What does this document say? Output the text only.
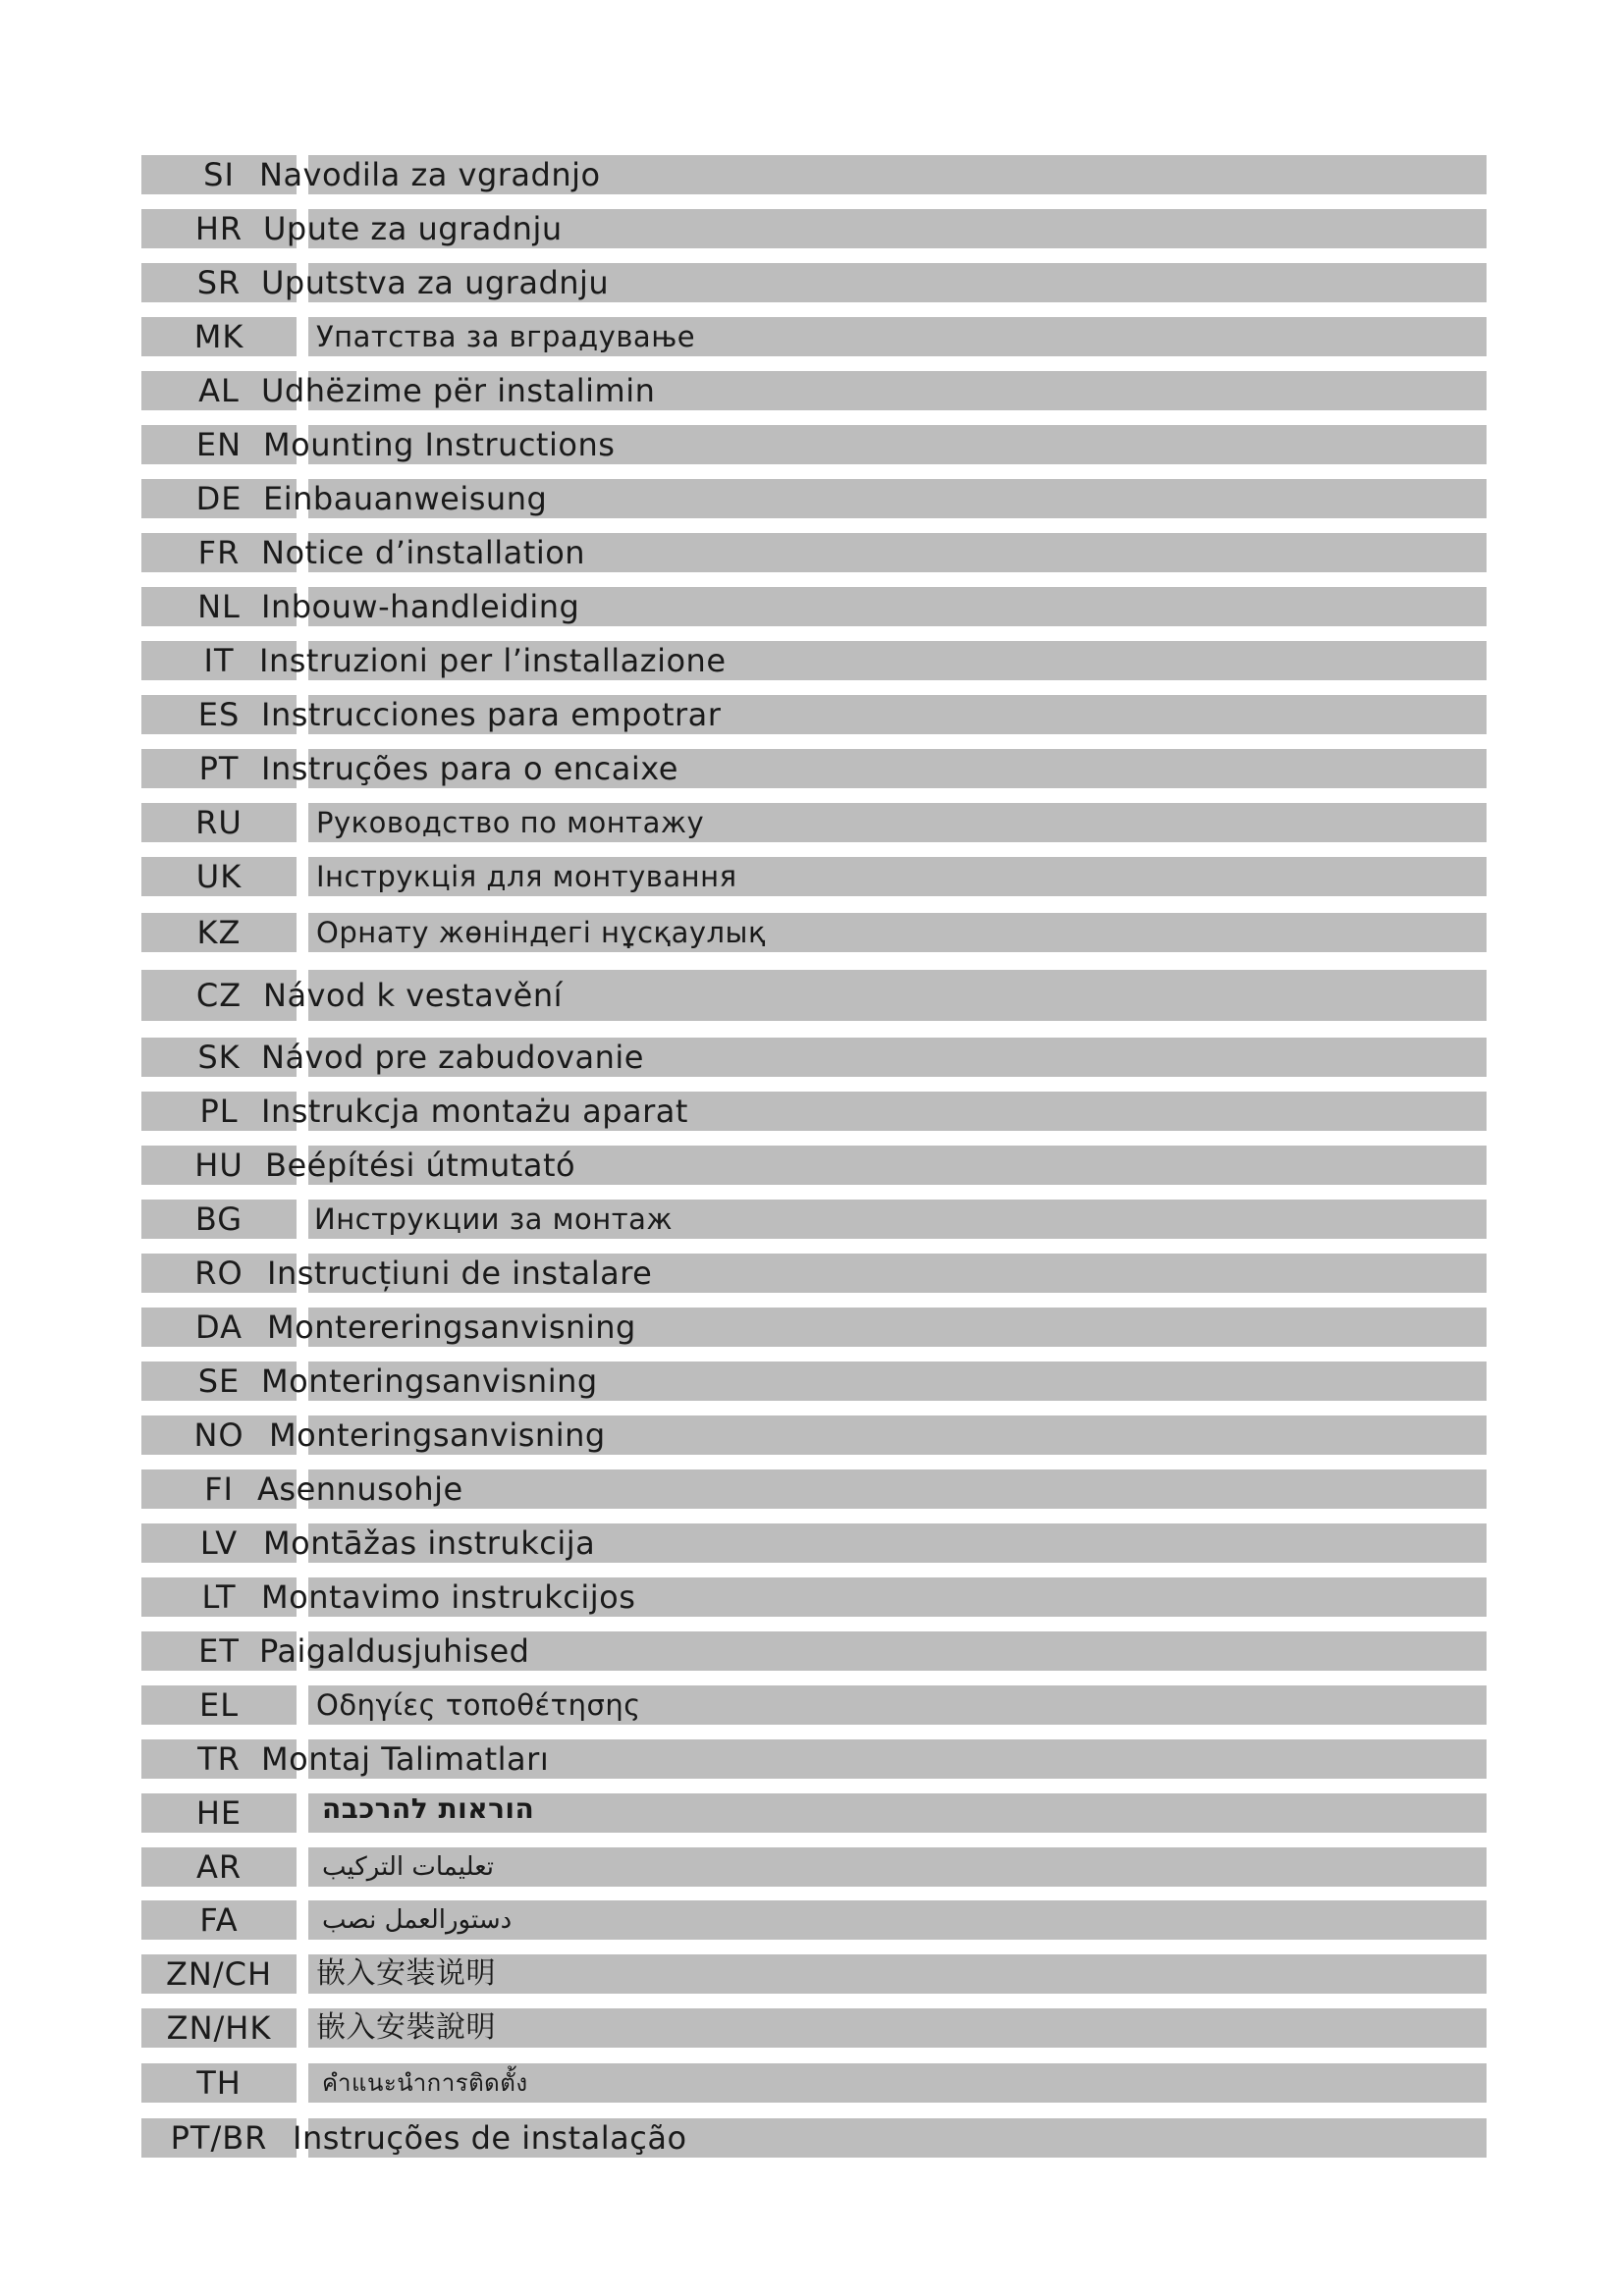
SI Navodila za vgradnjo
HR Upute za ugradnju
SR Uputstva za ugradnju
MK	Упатства за вградување
AL Udhëzime për instalimin
EN Mounting Instructions
DE Einbauanweisung
FR Notice d’installation
NL Inbouw-handleiding
IT Instruzioni per l’installazione
ES Instrucciones para empotrar
PT Instruções para o encaixe
RU	Руководство по монтажу
UK	Інструкція для монтування
KZ	Орнату жөніндегі нұсқаулық
CZ Návod k vestavění
SK Návod pre zabudovanie
PL Instrukcja montażu aparat
HU Beépítési útmutató
BG	Инструкции за монтаж
RO Instrucțiuni de instalare
DA Montereringsanvisning
SE Monteringsanvisning
NO Monteringsanvisning
FI Asennusohje
LV Montāžas instrukcija
LT Montavimo instrukcijos
ET Paigaldusjuhised
EL	Οδηγίες τοποθέτησης
TR Montaj Talimatları
HE	הוראות להרכבה
AR	تعليمات التركيب
FA	دستورالعمل نصب
ZN/CH	嵌入安装说明
ZN/HK	嵌入安裝說明
TH	คำแนะนำการติดตั้ง
PT/BR Instruções de instalação
